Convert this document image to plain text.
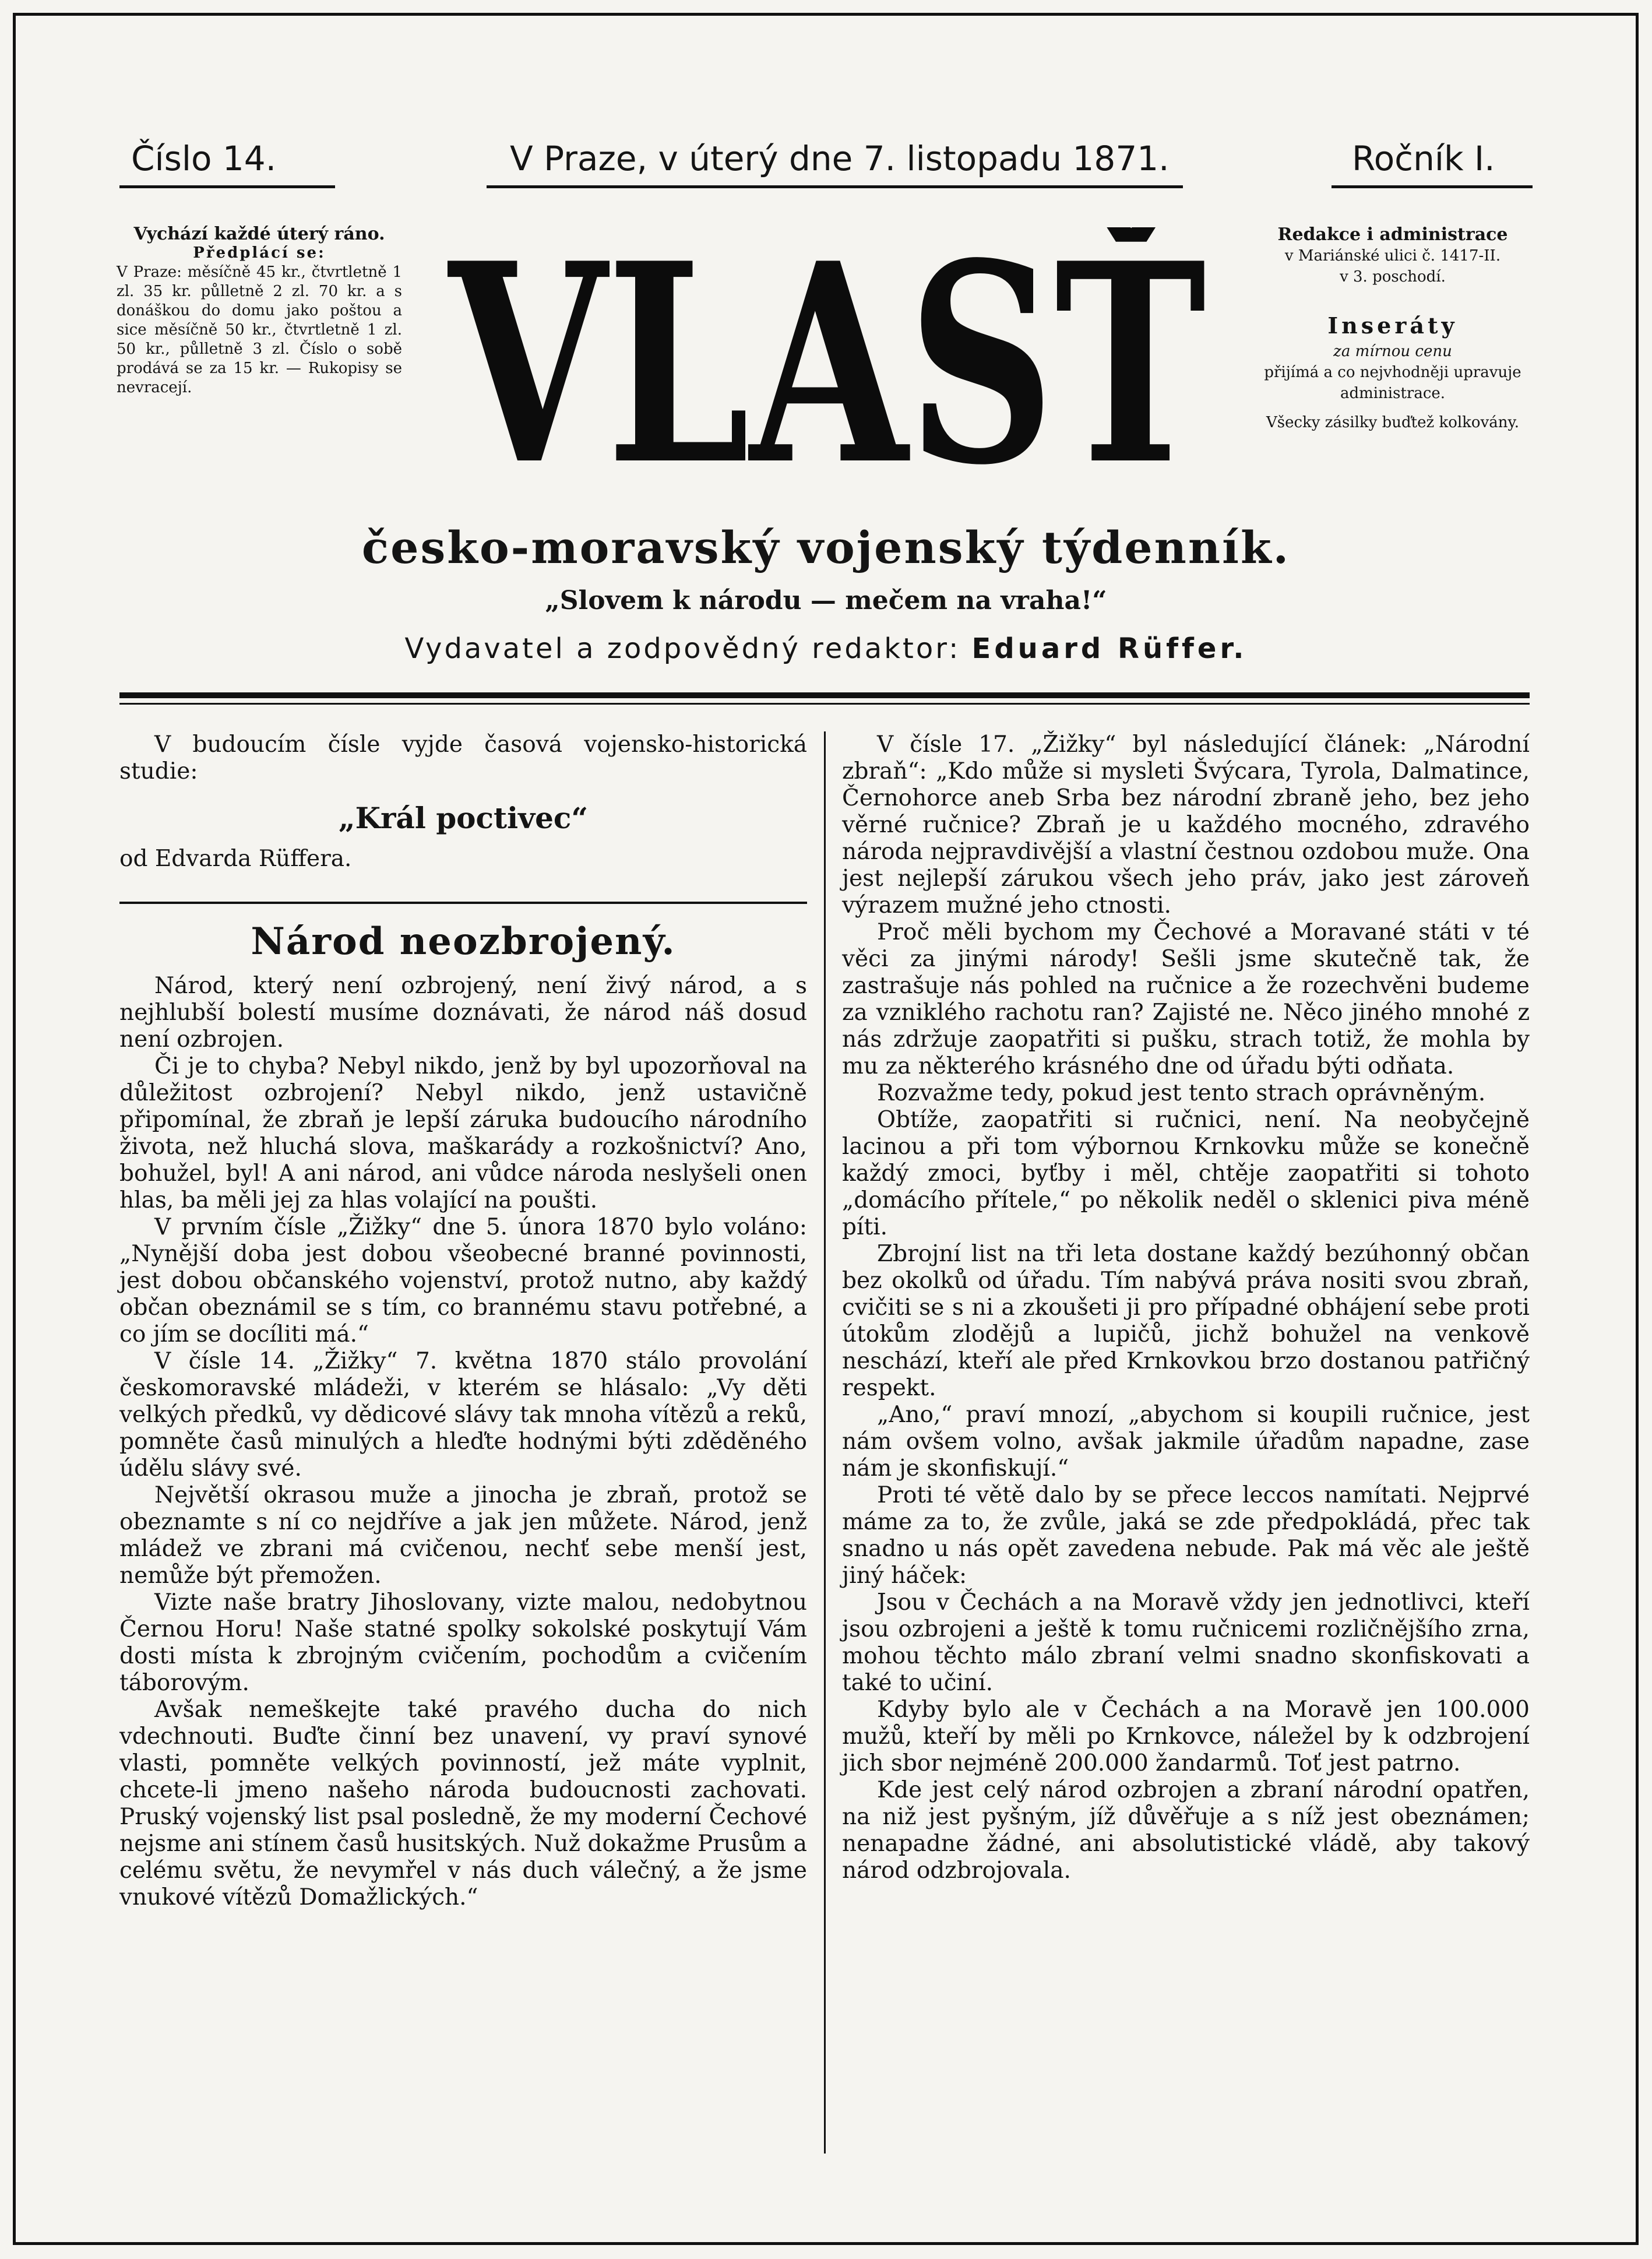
Číslo 14.	V Praze, v úterý dne 7. listopadu 1871.	Ročník I.
Vychází každé úterý ráno.
Předplácí se:
V Praze: měsíčně 45 kr., čtvrtletně 1 zl. 35 kr. půlletně 2 zl. 70 kr. a s donáškou do domu jako poštou a sice měsíčně 50 kr., čtvrtletně 1 zl. 50 kr., půlletně 3 zl. Číslo o sobě prodává se za 15 kr. — Rukopisy se nevracejí. VLASŤ	Redakce i administrace
v Mariánské ulici č. 1417-II.
v 3. poschodí.
Inseráty
za mírnou cenu
přijímá a co nejvhodněji upravuje administrace.
Všecky zásilky buďtež kolkovány.
česko-moravský vojenský týdenník.
„Slovem k národu — mečem na vraha!“
Vydavatel a zodpovědný redaktor: Eduard Rüffer.

V budoucím čísle vyjde časová vojensko-historická studie:

„Král poctivec“

od Edvarda Rüffera.

Národ neozbrojený.

Národ, který není ozbrojený, není živý národ, a s nejhlubší bolestí musíme doznávati, že národ náš dosud není ozbrojen.

Či je to chyba? Nebyl nikdo, jenž by byl upozorňoval na důležitost ozbrojení? Nebyl nikdo, jenž ustavičně připomínal, že zbraň je lepší záruka budoucího národního života, než hluchá slova, maškarády a rozkošnictví? Ano, bohužel, byl! A ani národ, ani vůdce národa neslyšeli onen hlas, ba měli jej za hlas volající na poušti.

V prvním čísle „Žižky“ dne 5. února 1870 bylo voláno: „Nynější doba jest dobou všeobecné branné povinnosti, jest dobou občanského vojenství, protož nutno, aby každý občan obeznámil se s tím, co brannému stavu potřebné, a co jím se docíliti má.“

V čísle 14. „Žižky“ 7. května 1870 stálo provolání českomoravské mládeži, v kterém se hlásalo: „Vy děti velkých předků, vy dědicové slávy tak mnoha vítězů a reků, pomněte časů minulých a hleďte hodnými býti zděděného údělu slávy své.

Největší okrasou muže a jinocha je zbraň, protož se obeznamte s ní co nejdříve a jak jen můžete. Národ, jenž mládež ve zbrani má cvičenou, nechť sebe menší jest, nemůže být přemožen.

Vizte naše bratry Jihoslovany, vizte malou, nedobytnou Černou Horu! Naše statné spolky sokolské poskytují Vám dosti místa k zbrojným cvičením, pochodům a cvičením táborovým.

Avšak nemeškejte také pravého ducha do nich vdechnouti. Buďte činní bez unavení, vy praví synové vlasti, pomněte velkých povinností, jež máte vyplnit, chcete-li jmeno našeho národa budoucnosti zachovati. Pruský vojenský list psal posledně, že my moderní Čechové nejsme ani stínem časů husitských. Nuž dokažme Prusům a celému světu, že nevymřel v nás duch válečný, a že jsme vnukové vítězů Domažlických.“

V čísle 17. „Žižky“ byl následující článek: „Národní zbraň“: „Kdo může si mysleti Švýcara, Tyrola, Dalmatince, Černohorce aneb Srba bez národní zbraně jeho, bez jeho věrné ručnice? Zbraň je u každého mocného, zdravého národa nejpravdivější a vlastní čestnou ozdobou muže. Ona jest nejlepší zárukou všech jeho práv, jako jest zároveň výrazem mužné jeho ctnosti.

Proč měli bychom my Čechové a Moravané státi v té věci za jinými národy! Sešli jsme skutečně tak, že zastrašuje nás pohled na ručnice a že rozechvěni budeme za vzniklého rachotu ran? Zajisté ne. Něco jiného mnohé z nás zdržuje zaopatřiti si pušku, strach totiž, že mohla by mu za některého krásného dne od úřadu býti odňata.

Rozvažme tedy, pokud jest tento strach oprávněným.

Obtíže, zaopatřiti si ručnici, není. Na neobyčejně lacinou a při tom výbornou Krnkovku může se konečně každý zmoci, byťby i měl, chtěje zaopatřiti si tohoto „domácího přítele,“ po několik neděl o sklenici piva méně píti.

Zbrojní list na tři leta dostane každý bezúhonný občan bez okolků od úřadu. Tím nabývá práva nositi svou zbraň, cvičiti se s ni a zkoušeti ji pro případné obhájení sebe proti útokům zlodějů a lupičů, jichž bohužel na venkově neschází, kteří ale před Krnkovkou brzo dostanou patřičný respekt.

„Ano,“ praví mnozí, „abychom si koupili ručnice, jest nám ovšem volno, avšak jakmile úřadům napadne, zase nám je skonfiskují.“

Proti té větě dalo by se přece leccos namítati. Nejprvé máme za to, že zvůle, jaká se zde předpokládá, přec tak snadno u nás opět zavedena nebude. Pak má věc ale ještě jiný háček:

Jsou v Čechách a na Moravě vždy jen jednotlivci, kteří jsou ozbrojeni a ještě k tomu ručnicemi rozličnějšího zrna, mohou těchto málo zbraní velmi snadno skonfiskovati a také to učiní.

Kdyby bylo ale v Čechách a na Moravě jen 100.000 mužů, kteří by měli po Krnkovce, náležel by k odzbrojení jich sbor nejméně 200.000 žandarmů. Toť jest patrno.

Kde jest celý národ ozbrojen a zbraní národní opatřen, na niž jest pyšným, jíž důvěřuje a s níž jest obeznámen; nenapadne žádné, ani absolutistické vládě, aby takový národ odzbrojovala.
